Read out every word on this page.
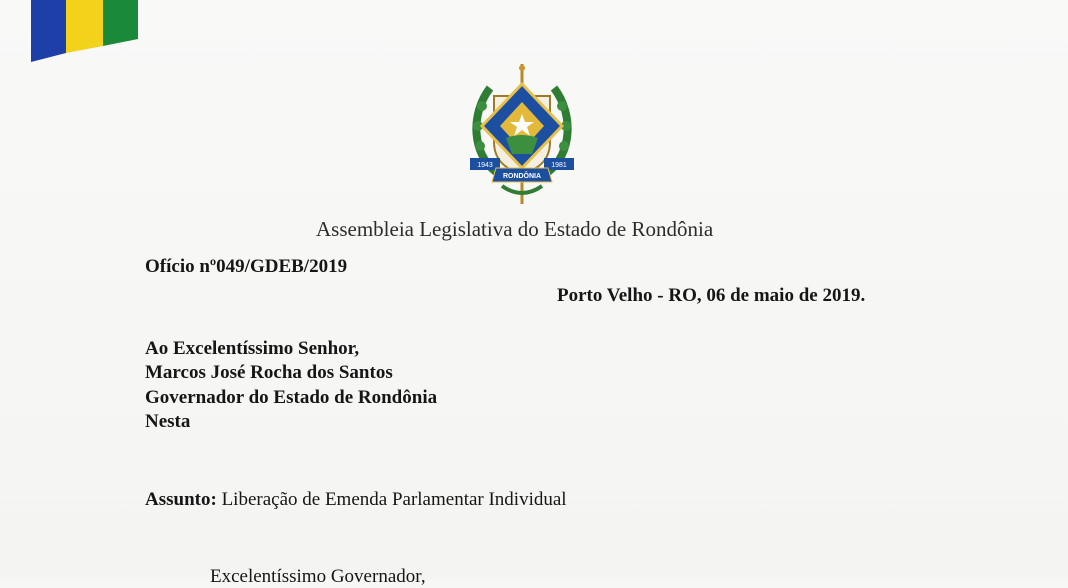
1943	1981
RONDÔNIA
Assembleia Legislativa do Estado de Rondônia
Ofício nº049/GDEB/2019
Porto Velho - RO, 06 de maio de 2019.
Ao Excelentíssimo Senhor,
Marcos José Rocha dos Santos
Governador do Estado de Rondônia
Nesta
Assunto: Liberação de Emenda Parlamentar Individual
Excelentíssimo Governador,
